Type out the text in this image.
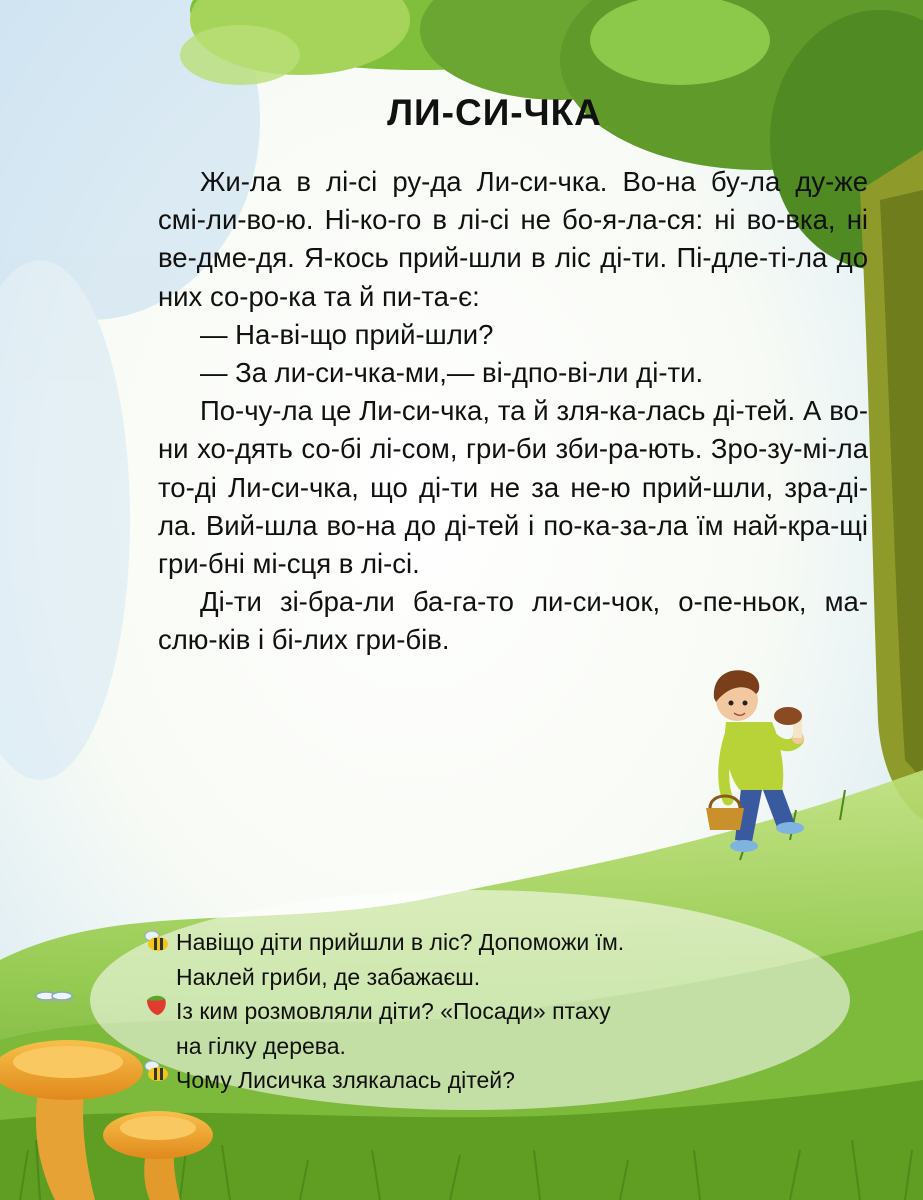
ЛИ-СИ-ЧКА

Жи-ла в лі-сі ру-да Ли-си-чка. Во-на бу-ла ду-же смі-ли-во-ю. Ні-ко-го в лі-сі не бо-я-ла-ся: ні во-вка, ні ве-дме-дя. Я-кось прий-шли в ліс ді-ти. Пі-дле-ті-ла до них со-ро-ка та й пи-та-є:

— На-ві-що прий-шли?

— За ли-си-чка-ми,— ві-дпо-ві-ли ді-ти.

По-чу-ла це Ли-си-чка, та й зля-ка-лась ді-тей. А во-ни хо-дять со-бі лі-сом, гри-би зби-ра-ють. Зро-зу-мі-ла то-ді Ли-си-чка, що ді-ти не за не-ю прий-шли, зра-ді-ла. Вий-шла во-на до ді-тей і по-ка-за-ла їм най-кра-щі гри-бні мі-сця в лі-сі.

Ді-ти зі-бра-ли ба-га-то ли-си-чок, о-пе-ньок, ма-слю-ків і бі-лих гри-бів.

Навіщо діти прийшли в ліс? Допоможи їм.
Наклей гриби, де забажаєш.

Із ким розмовляли діти? «Посади» птаху
на гілку дерева.

Чому Лисичка злякалась дітей?
